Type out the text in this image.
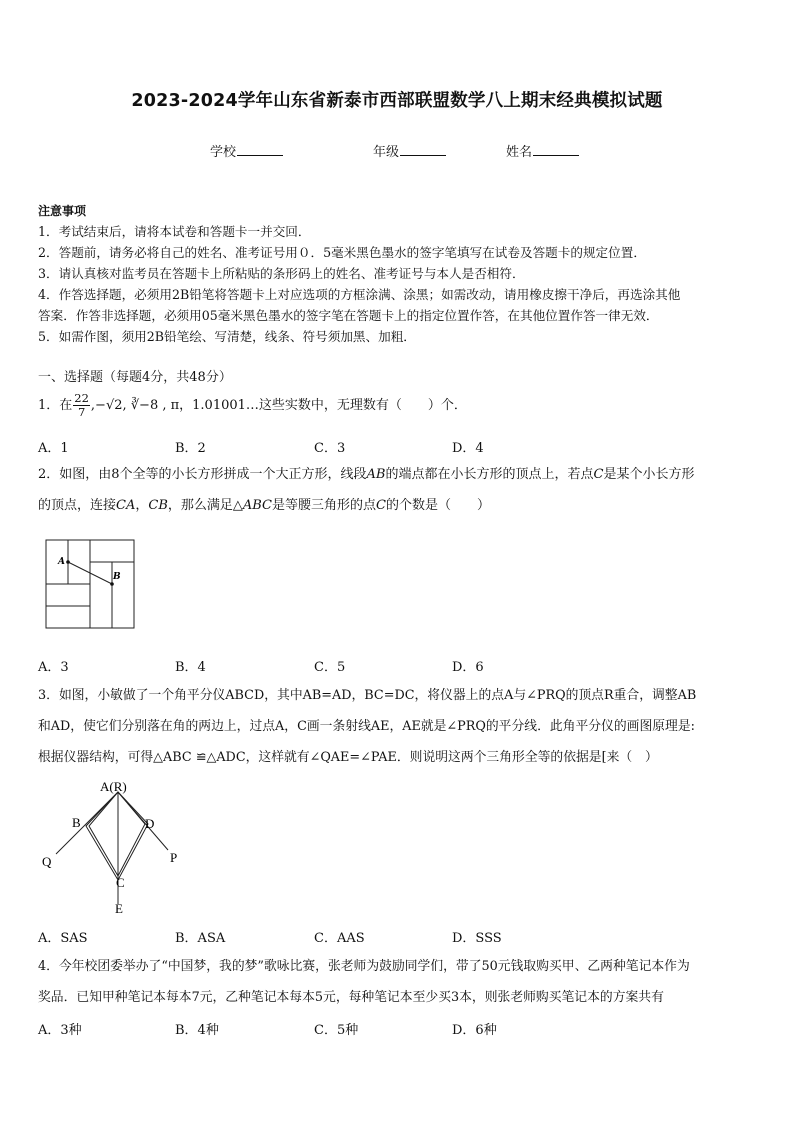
2023-2024学年山东省新泰市西部联盟数学八上期末经典模拟试题
学校	年级	姓名
注意事项
1．考试结束后，请将本试卷和答题卡一并交回．
2．答题前，请务必将自己的姓名、准考证号用０．5毫米黑色墨水的签字笔填写在试卷及答题卡的规定位置．
3．请认真核对监考员在答题卡上所粘贴的条形码上的姓名、准考证号与本人是否相符．
4．作答选择题，必须用2B铅笔将答题卡上对应选项的方框涂满、涂黑；如需改动，请用橡皮擦干净后，再选涂其他
答案．作答非选择题，必须用05毫米黑色墨水的签字笔在答题卡上的指定位置作答，在其他位置作答一律无效．
5．如需作图，须用2B铅笔绘、写清楚，线条、符号须加黑、加粗．
一、选择题（每题4分，共48分）
1．在 $\frac{22}{7} ,-√2$, ∛−8 , π，1.01001…这些实数中，无理数有（　　）个．
A．1	B．2	C．3	D．4
2．如图，由8个全等的小长方形拼成一个大正方形，线段AB的端点都在小长方形的顶点上，若点C是某个小长方形
的顶点，连接CA，CB，那么满足△ABC是等腰三角形的点C的个数是（　　）
A
B
A．3	B．4	C．5	D．6
3．如图，小敏做了一个角平分仪ABCD，其中AB=AD，BC=DC，将仪器上的点A与∠PRQ的顶点R重合，调整AB
和AD，使它们分别落在角的两边上，过点A，C画一条射线AE，AE就是∠PRQ的平分线．此角平分仪的画图原理是:
根据仪器结构，可得△ABC ≌△ADC，这样就有∠QAE=∠PAE．则说明这两个三角形全等的依据是[来（　）
A(R)
B	D
Q	P
C
E
A．SAS	B．ASA	C．AAS	D．SSS
4．今年校团委举办了“中国梦，我的梦”歌咏比赛，张老师为鼓励同学们，带了50元钱取购买甲、乙两种笔记本作为
奖品．已知甲种笔记本每本7元，乙种笔记本每本5元，每种笔记本至少买3本，则张老师购买笔记本的方案共有
A．3种	B．4种	C．5种	D．6种
